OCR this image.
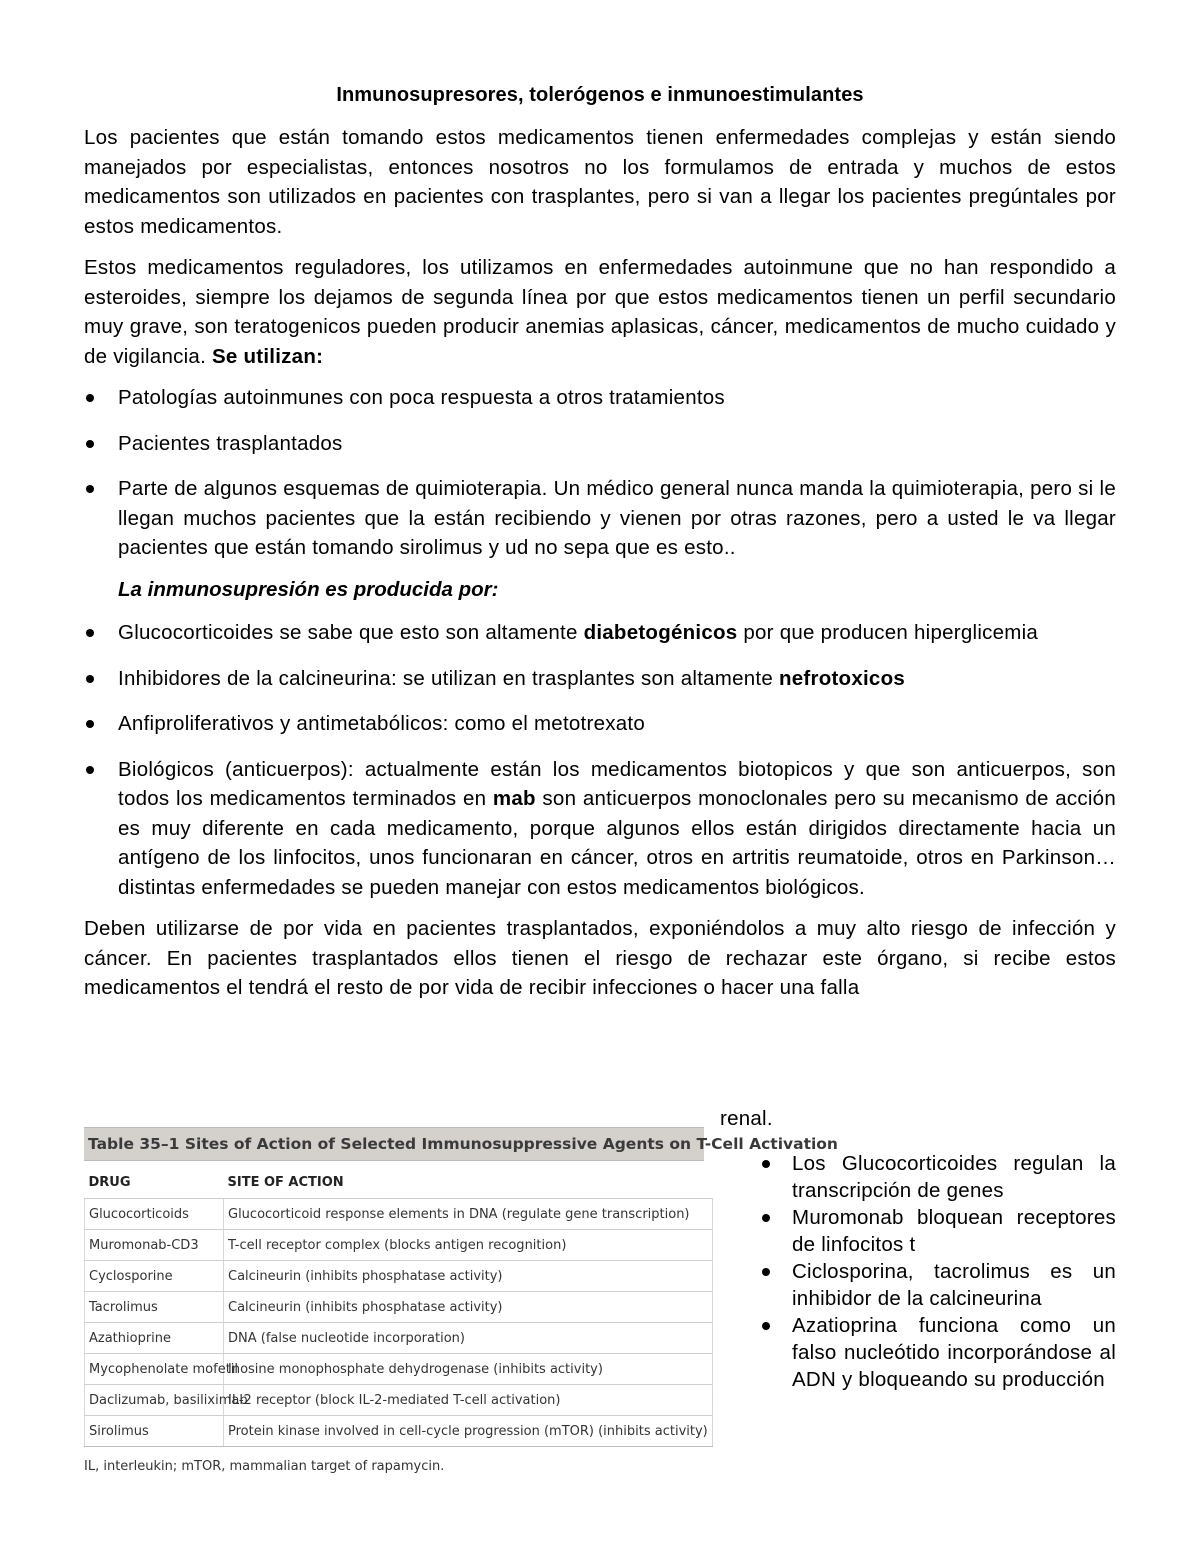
Inmunosupresores, tolerógenos e inmunoestimulantes

Los pacientes que están tomando estos medicamentos tienen enfermedades complejas y están siendo manejados por especialistas, entonces nosotros no los formulamos de entrada y muchos de estos medicamentos son utilizados en pacientes con trasplantes, pero si van a llegar los pacientes pregúntales por estos medicamentos.

Estos medicamentos reguladores, los utilizamos en enfermedades autoinmune que no han respondido a esteroides, siempre los dejamos de segunda línea por que estos medicamentos tienen un perfil secundario muy grave, son teratogenicos pueden producir anemias aplasicas, cáncer, medicamentos de mucho cuidado y de vigilancia. Se utilizan:

Patologías autoinmunes con poca respuesta a otros tratamientos
Pacientes trasplantados
Parte de algunos esquemas de quimioterapia. Un médico general nunca manda la quimioterapia, pero si le llegan muchos pacientes que la están recibiendo y vienen por otras razones, pero a usted le va llegar pacientes que están tomando sirolimus y ud no sepa que es esto..
La inmunosupresión es producida por:
Glucocorticoides se sabe que esto son altamente diabetogénicos por que producen hiperglicemia
Inhibidores de la calcineurina: se utilizan en trasplantes son altamente nefrotoxicos
Anfiproliferativos y antimetabólicos: como el metotrexato
Biológicos (anticuerpos): actualmente están los medicamentos biotopicos y que son anticuerpos, son todos los medicamentos terminados en mab son anticuerpos monoclonales pero su mecanismo de acción es muy diferente en cada medicamento, porque algunos ellos están dirigidos directamente hacia un antígeno de los linfocitos, unos funcionaran en cáncer, otros en artritis reumatoide, otros en Parkinson… distintas enfermedades se pueden manejar con estos medicamentos biológicos.

Deben utilizarse de por vida en pacientes trasplantados, exponiéndolos a muy alto riesgo de infección y cáncer. En pacientes trasplantados ellos tienen el riesgo de rechazar este órgano, si recibe estos medicamentos el tendrá el resto de por vida de recibir infecciones o hacer una falla

renal.
Table 35–1 Sites of Action of Selected Immunosuppressive Agents on T-Cell Activation
DRUG	SITE OF ACTION
Glucocorticoids	Glucocorticoid response elements in DNA (regulate gene transcription)
Muromonab-CD3	T-cell receptor complex (blocks antigen recognition)
Cyclosporine	Calcineurin (inhibits phosphatase activity)
Tacrolimus	Calcineurin (inhibits phosphatase activity)
Azathioprine	DNA (false nucleotide incorporation)
Mycophenolate mofetil	Inosine monophosphate dehydrogenase (inhibits activity)
Daclizumab, basiliximab	IL-2 receptor (block IL-2-mediated T-cell activation)
Sirolimus	Protein kinase involved in cell-cycle progression (mTOR) (inhibits activity)
IL, interleukin; mTOR, mammalian target of rapamycin.
Los Glucocorticoides regulan la transcripción de genes
Muromonab bloquean receptores de linfocitos t
Ciclosporina, tacrolimus es un inhibidor de la calcineurina
Azatioprina funciona como un falso nucleótido incorporándose al ADN y bloqueando su producción
